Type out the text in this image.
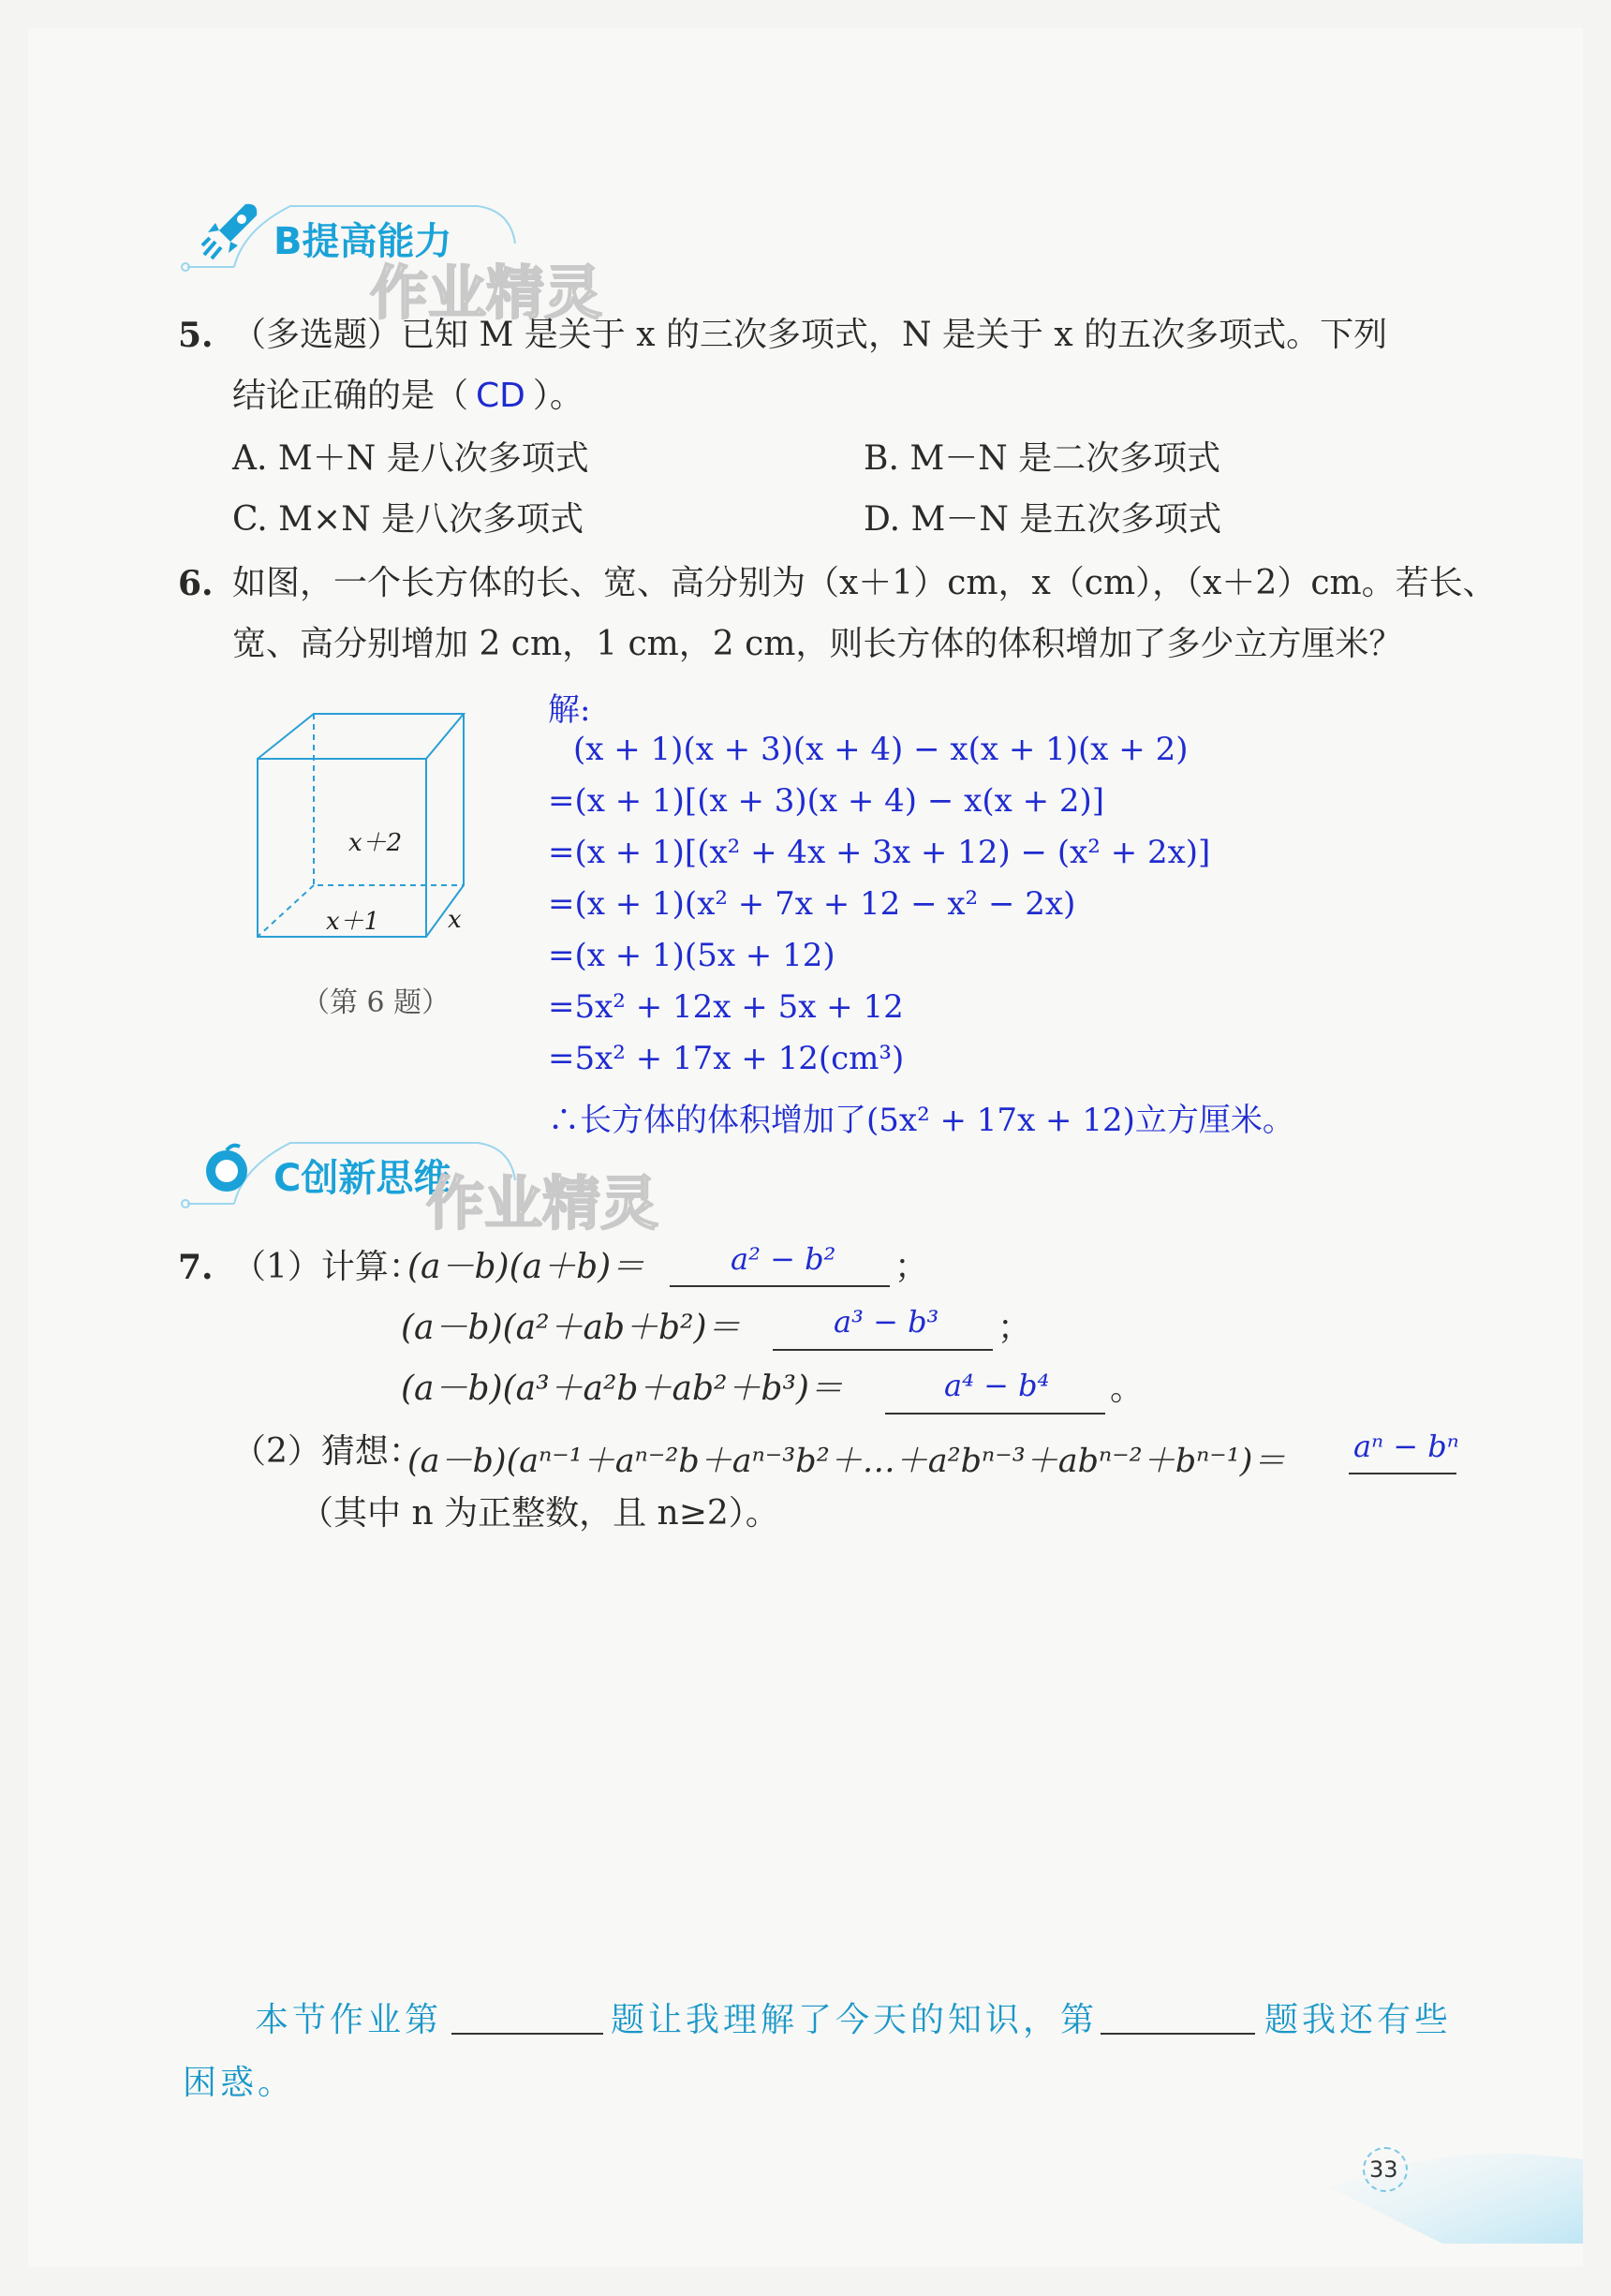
B提高能力
作业精灵
5. （多选题）已知 M 是关于 x 的三次多项式，N 是关于 x 的五次多项式。下列
结论正确的是（ CD ）。
A. M＋N 是八次多项式	B. M－N 是二次多项式
C. M×N 是八次多项式	D. M－N 是五次多项式
6. 如图，一个长方体的长、宽、高分别为（x＋1）cm，x（cm），（x＋2）cm。若长、
宽、高分别增加 2 cm，1 cm，2 cm，则长方体的体积增加了多少立方厘米？
x＋2
x＋1	x
（第 6 题）
解:
(x + 1)(x + 3)(x + 4) − x(x + 1)(x + 2)
=(x + 1)[(x + 3)(x + 4) − x(x + 2)]
=(x + 1)[(x² + 4x + 3x + 12) − (x² + 2x)]
=(x + 1)(x² + 7x + 12 − x² − 2x)
=(x + 1)(5x + 12)
=5x² + 12x + 5x + 12
=5x² + 17x + 12(cm³)
∴长方体的体积增加了(5x² + 17x + 12)立方厘米。
C创新思维
作业精灵
7. （1）计算：
(a－b)(a＋b)＝	a² − b² ；
(a－b)(a²＋ab＋b²)＝	a³ − b³ ；
(a－b)(a³＋a²b＋ab²＋b³)＝	a⁴ − b⁴ 。
（2）猜想：
(a－b)(aⁿ⁻¹＋aⁿ⁻²b＋aⁿ⁻³b²＋…＋a²bⁿ⁻³＋abⁿ⁻²＋bⁿ⁻¹)＝ aⁿ − bⁿ
（其中 n 为正整数，且 n≥2）。
本节作业第	题让我理解了今天的知识，第	题我还有些
困惑。
33
